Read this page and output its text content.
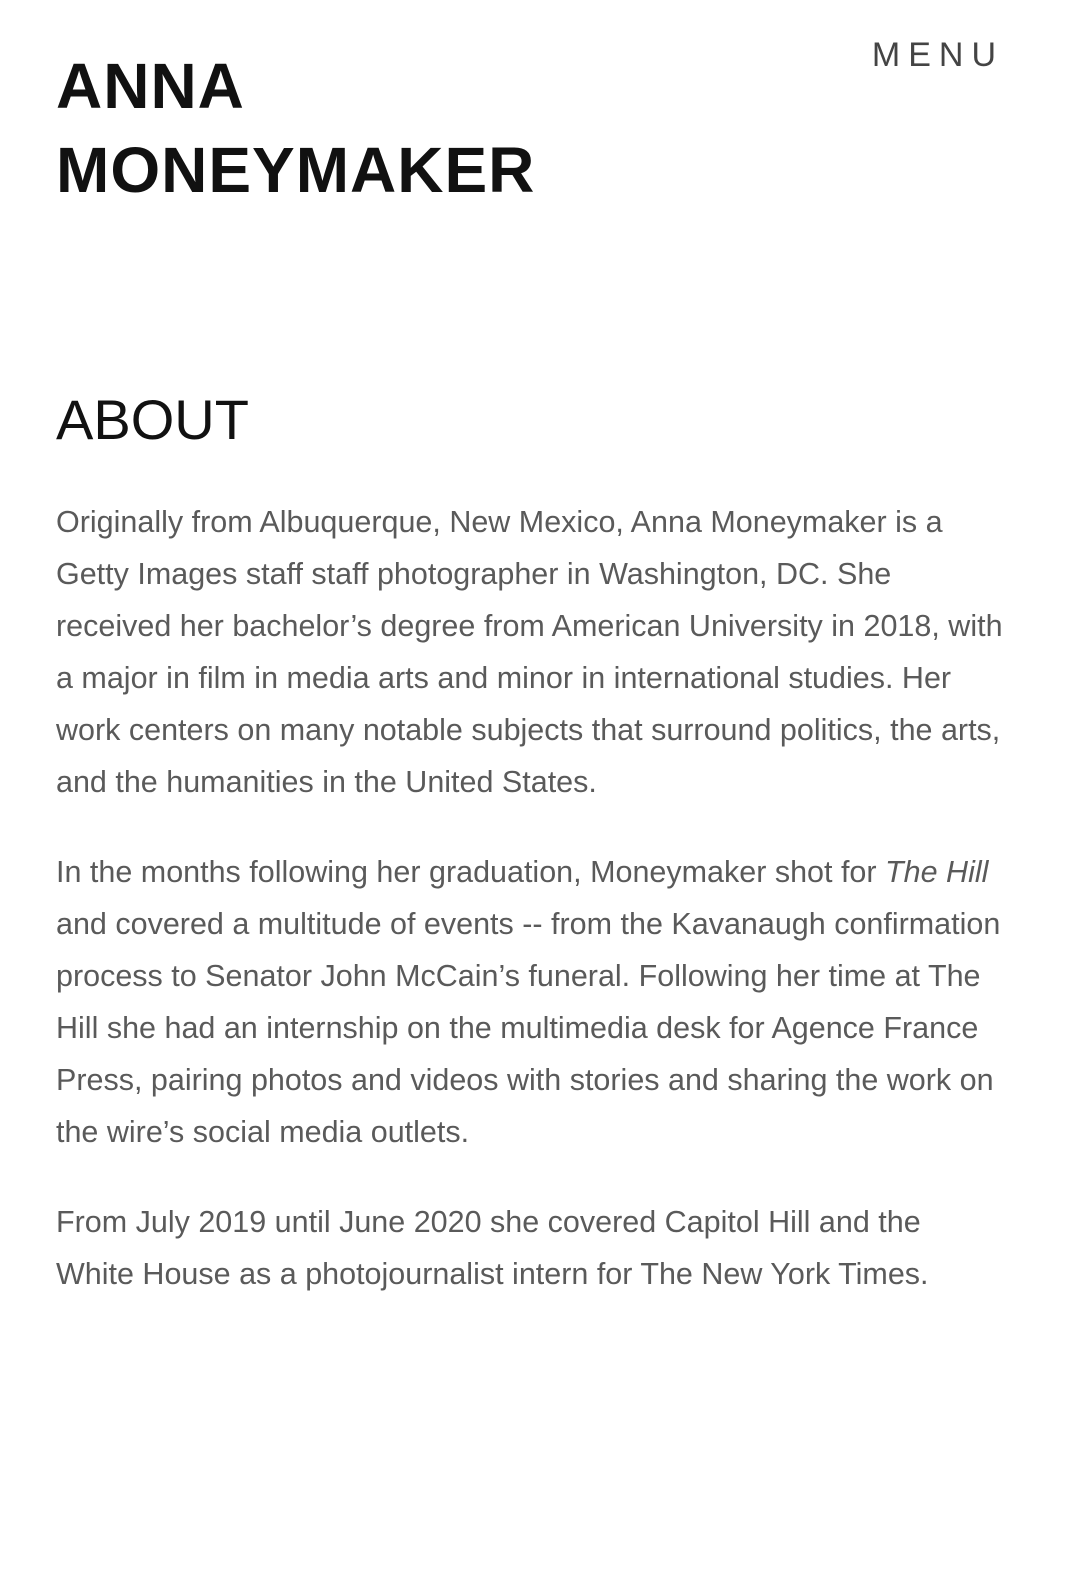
ANNA
MONEYMAKER
MENU
ABOUT

Originally from Albuquerque, New Mexico, Anna Moneymaker is a Getty Images staff staff photographer in Washington, DC. She received her bachelor’s degree from American University in 2018, with a major in film in media arts and minor in international studies. Her work centers on many notable subjects that surround politics, the arts, and the humanities in the United States.

In the months following her graduation, Moneymaker shot for The Hill and covered a multitude of events -- from the Kavanaugh confirmation process to Senator John McCain’s funeral. Following her time at The Hill she had an internship on the multimedia desk for Agence France Press, pairing photos and videos with stories and sharing the work on the wire’s social media outlets.

From July 2019 until June 2020 she covered Capitol Hill and the White House as a photojournalist intern for The New York Times.
